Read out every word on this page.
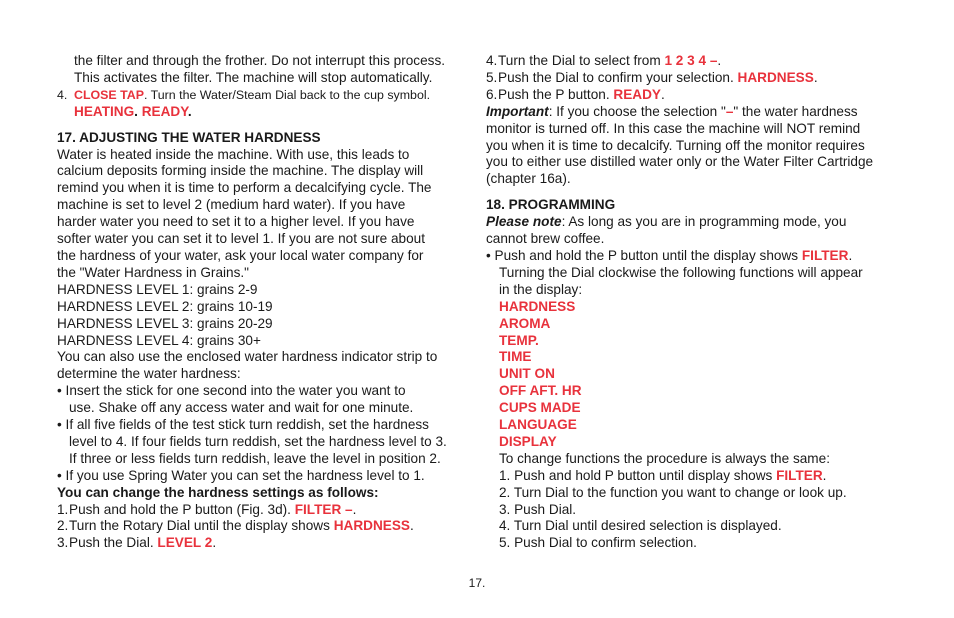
the filter and through the frother. Do not interrupt this process.
This activates the filter. The machine will stop automatically.
4. CLOSE TAP. Turn the Water/Steam Dial back to the cup symbol.
HEATING. READY.
17. ADJUSTING THE WATER HARDNESS
Water is heated inside the machine. With use, this leads to
calcium deposits forming inside the machine. The display will
remind you when it is time to perform a decalcifying cycle. The
machine is set to level 2 (medium hard water). If you have
harder water you need to set it to a higher level. If you have
softer water you can set it to level 1. If you are not sure about
the hardness of your water, ask your local water company for
the "Water Hardness in Grains."
HARDNESS LEVEL 1: grains 2-9
HARDNESS LEVEL 2: grains 10-19
HARDNESS LEVEL 3: grains 20-29
HARDNESS LEVEL 4: grains 30+
You can also use the enclosed water hardness indicator strip to
determine the water hardness:
• Insert the stick for one second into the water you want to
use. Shake off any access water and wait for one minute.
• If all five fields of the test stick turn reddish, set the hardness
level to 4. If four fields turn reddish, set the hardness level to 3.
If three or less fields turn reddish, leave the level in position 2.
• If you use Spring Water you can set the hardness level to 1.
You can change the hardness settings as follows:
1.Push and hold the P button (Fig. 3d). FILTER –.
2.Turn the Rotary Dial until the display shows HARDNESS.
3.Push the Dial. LEVEL 2.
4.Turn the Dial to select from 1 2 3 4 –.
5.Push the Dial to confirm your selection. HARDNESS.
6.Push the P button. READY.
Important: If you choose the selection "–" the water hardness
monitor is turned off. In this case the machine will NOT remind
you when it is time to decalcify. Turning off the monitor requires
you to either use distilled water only or the Water Filter Cartridge
(chapter 16a).
18. PROGRAMMING
Please note: As long as you are in programming mode, you
cannot brew coffee.
• Push and hold the P button until the display shows FILTER.
Turning the Dial clockwise the following functions will appear
in the display:
HARDNESS
AROMA
TEMP.
TIME
UNIT ON
OFF AFT. HR
CUPS MADE
LANGUAGE
DISPLAY
To change functions the procedure is always the same:
1. Push and hold P button until display shows FILTER.
2. Turn Dial to the function you want to change or look up.
3. Push Dial.
4. Turn Dial until desired selection is displayed.
5. Push Dial to confirm selection.
17.
